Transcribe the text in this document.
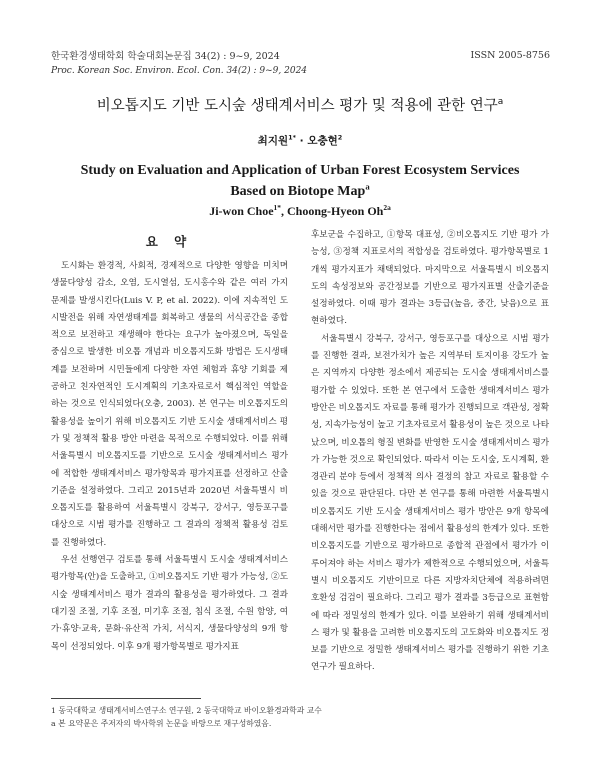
한국환경생태학회 학술대회논문집 34(2) : 9~9, 2024
Proc. Korean Soc. Environ. Ecol. Con. 34(2) : 9~9, 2024
ISSN 2005-8756
비오톱지도 기반 도시숲 생태계서비스 평가 및 적용에 관한 연구$^a$
최지원$^{1*}$ · 오충현$^2$
Study on Evaluation and Application of Urban Forest Ecosystem Services
Based on Biotope Map$^a$
Ji-won Choe$^{1*}$, Choong-Hyeon $Oh^{2a}$
요 약

도시화는 환경적, 사회적, 경제적으로 다양한 영향을 미치며 생물다양성 감소, 오염, 도시열섬, 도시홍수와 같은 여러 가지 문제를 발생시킨다(Luis V. P, et al. 2022). 이에 지속적인 도시발전을 위해 자연생태계를 회복하고 생물의 서식공간을 종합적으로 보전하고 재생해야 한다는 요구가 높아졌으며, 독일을 중심으로 발생한 비오톱 개념과 비오톱지도화 방법은 도시생태계를 보전하며 시민들에게 다양한 자연 체험과 휴양 기회를 제공하고 친자연적인 도시계획의 기초자료로서 핵심적인 역할을 하는 것으로 인식되었다(오충, 2003). 본 연구는 비오톱지도의 활용성을 높이기 위해 비오톱지도 기반 도시숲 생태계서비스 평가 및 정책적 활용 방안 마련을 목적으로 수행되었다. 이를 위해 서울특별시 비오톱지도를 기반으로 도시숲 생태계서비스 평가에 적합한 생태계서비스 평가항목과 평가지표를 선정하고 산출기준을 설정하였다. 그리고 2015년과 2020년 서울특별시 비오톱지도를 활용하여 서울특별시 강북구, 강서구, 영등포구를 대상으로 시범 평가를 진행하고 그 결과의 정책적 활용성 검토를 진행하였다.

우선 선행연구 검토를 통해 서울특별시 도시숲 생태계서비스 평가항목(안)을 도출하고, ①비오톱지도 기반 평가 가능성, ②도시숲 생태계서비스 평가 결과의 활용성을 평가하였다. 그 결과 대기질 조절, 기후 조절, 미기후 조절, 침식 조절, 수원 함양, 여가·휴양·교육, 문화·유산적 가치, 서식지, 생물다양성의 9개 항목이 선정되었다. 이후 9개 평가항목별로 평가지표

후보군을 수집하고, ①항목 대표성, ②비오톱지도 기반 평가 가능성, ③정책 지표로서의 적합성을 검토하였다. 평가항목별로 1개씩 평가지표가 채택되었다. 마지막으로 서울특별시 비오톱지도의 속성정보와 공간정보를 기반으로 평가지표별 산출기준을 설정하였다. 이때 평가 결과는 3등급(높음, 중간, 낮음)으로 표현하였다.

서울특별시 강북구, 강서구, 영등포구를 대상으로 시범 평가를 진행한 결과, 보전가치가 높은 지역부터 토지이용 강도가 높은 지역까지 다양한 정소에서 제공되는 도시숲 생태계서비스를 평가할 수 있었다. 또한 본 연구에서 도출한 생태계서비스 평가 방안은 비오톱지도 자료를 통해 평가가 진행되므로 객관성, 정확성, 지속가능성이 높고 기초자료로서 활용성이 높은 것으로 나타났으며, 비오톱의 형질 변화를 반영한 도시숲 생태계서비스 평가가 가능한 것으로 확인되었다. 따라서 이는 도시숲, 도시계획, 환경관리 분야 등에서 정책적 의사 결정의 참고 자료로 활용할 수 있을 것으로 판단된다. 다만 본 연구를 통해 마련한 서울특별시 비오톱지도 기반 도시숲 생태계서비스 평가 방안은 9개 항목에 대해서만 평가를 진행한다는 점에서 활용성의 한계가 있다. 또한 비오톱지도를 기반으로 평가하므로 종합적 관점에서 평가가 이루어져야 하는 서비스 평가가 제한적으로 수행되었으며, 서울특별시 비오톱지도 기반이므로 다른 지방자치단체에 적용하려면 호환성 검검이 필요하다. 그리고 평가 결과를 3등급으로 표현함에 따라 정밀성의 한계가 있다. 이를 보완하기 위해 생태계서비스 평가 및 활용을 고려한 비오톱지도의 고도화와 비오톱지도 정보를 기반으로 정밀한 생태계서비스 평가를 진행하기 위한 기초연구가 필요하다.

1 동국대학교 생태계서비스연구소 연구원, 2 동국대학교 바이오환경과학과 교수
a 본 요약문은 주저자의 박사학위 논문을 바탕으로 재구성하였음.
